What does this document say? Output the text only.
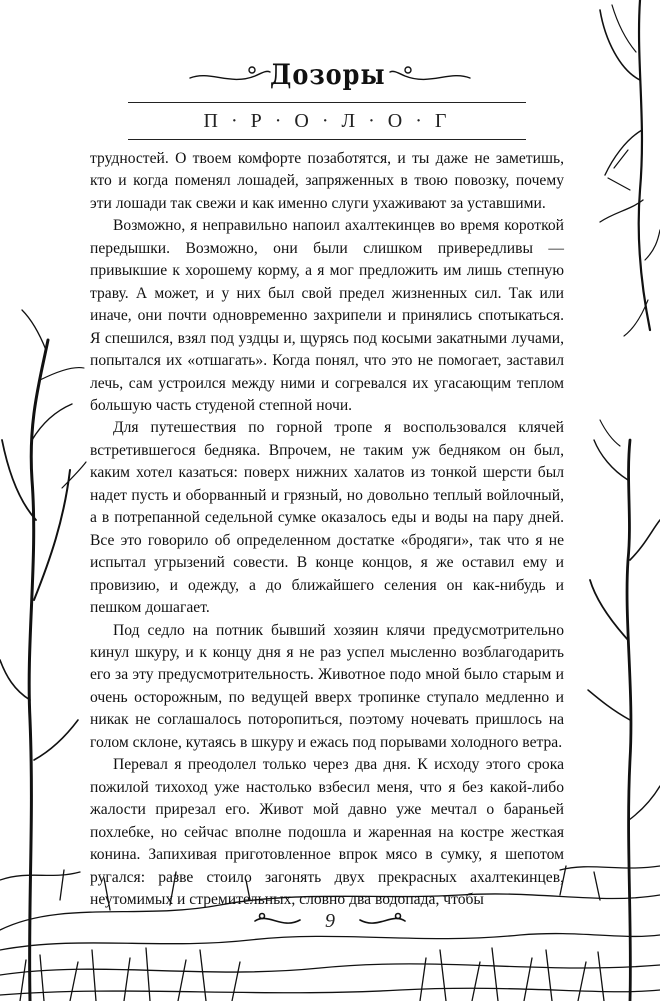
Дозоры
П · Р · О · Л · О · Г

трудностей. О твоем комфорте позаботятся, и ты даже не заметишь, кто и когда поменял лошадей, запряженных в твою повозку, почему эти лошади так свежи и как именно слуги ухаживают за уставшими.

Возможно, я неправильно напоил ахалтекинцев во время короткой передышки. Возможно, они были слишком привередливы — привыкшие к хорошему корму, а я мог предложить им лишь степную траву. А может, и у них был свой предел жизненных сил. Так или иначе, они почти одновременно захрипели и принялись спотыкаться. Я спешился, взял под уздцы и, щурясь под косыми закатными лучами, попытался их «отшагать». Когда понял, что это не помогает, заставил лечь, сам устроился между ними и согревался их угасающим теплом большую часть студеной степной ночи.

Для путешествия по горной тропе я воспользовался клячей встретившегося бедняка. Впрочем, не таким уж бедняком он был, каким хотел казаться: поверх нижних халатов из тонкой шерсти был надет пусть и оборванный и грязный, но довольно теплый войлочный, а в потрепанной седельной сумке оказалось еды и воды на пару дней. Все это говорило об определенном достатке «бродяги», так что я не испытал угрызений совести. В конце концов, я же оставил ему и провизию, и одежду, а до ближайшего селения он как-нибудь и пешком дошагает.

Под седло на потник бывший хозяин клячи предусмотрительно кинул шкуру, и к концу дня я не раз успел мысленно возблагодарить его за эту предусмотрительность. Животное подо мной было старым и очень осторожным, по ведущей вверх тропинке ступало медленно и никак не соглашалось поторопиться, поэтому ночевать пришлось на голом склоне, кутаясь в шкуру и ежась под порывами холодного ветра.

Перевал я преодолел только через два дня. К исходу этого срока пожилой тихоход уже настолько взбесил меня, что я без какой-либо жалости прирезал его. Живот мой давно уже мечтал о бараньей похлебке, но сейчас вполне подошла и жаренная на костре жесткая конина. Запихивая приготовленное впрок мясо в сумку, я шепотом ругался: разве стоило загонять двух прекрасных ахалтекинцев, неутомимых и стремительных, словно два водопада, чтобы

9
